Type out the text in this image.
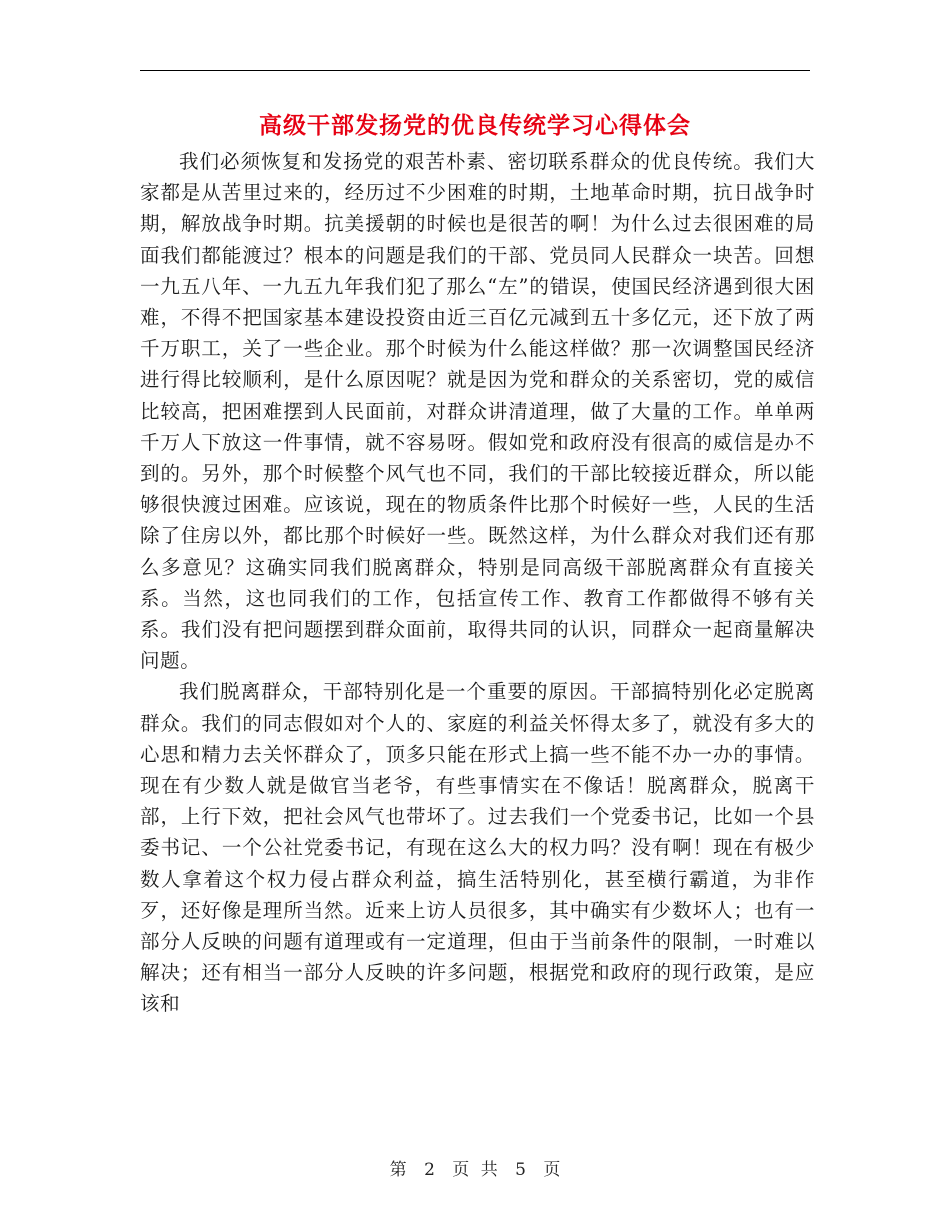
高级干部发扬党的优良传统学习心得体会

我们必须恢复和发扬党的艰苦朴素、密切联系群众的优良传统。我们大家都是从苦里过来的，经历过不少困难的时期，土地革命时期，抗日战争时期，解放战争时期。抗美援朝的时候也是很苦的啊！为什么过去很困难的局面我们都能渡过？根本的问题是我们的干部、党员同人民群众一块苦。回想一九五八年、一九五九年我们犯了那么“左”的错误，使国民经济遇到很大困难，不得不把国家基本建设投资由近三百亿元减到五十多亿元，还下放了两千万职工，关了一些企业。那个时候为什么能这样做？那一次调整国民经济进行得比较顺利，是什么原因呢？就是因为党和群众的关系密切，党的威信比较高，把困难摆到人民面前，对群众讲清道理，做了大量的工作。单单两千万人下放这一件事情，就不容易呀。假如党和政府没有很高的威信是办不到的。另外，那个时候整个风气也不同，我们的干部比较接近群众，所以能够很快渡过困难。应该说，现在的物质条件比那个时候好一些，人民的生活除了住房以外，都比那个时候好一些。既然这样，为什么群众对我们还有那么多意见？这确实同我们脱离群众，特别是同高级干部脱离群众有直接关系。当然，这也同我们的工作，包括宣传工作、教育工作都做得不够有关系。我们没有把问题摆到群众面前，取得共同的认识，同群众一起商量解决问题。

我们脱离群众，干部特别化是一个重要的原因。干部搞特别化必定脱离群众。我们的同志假如对个人的、家庭的利益关怀得太多了，就没有多大的心思和精力去关怀群众了，顶多只能在形式上搞一些不能不办一办的事情。现在有少数人就是做官当老爷，有些事情实在不像话！脱离群众，脱离干部，上行下效，把社会风气也带坏了。过去我们一个党委书记，比如一个县委书记、一个公社党委书记，有现在这么大的权力吗？没有啊！现在有极少数人拿着这个权力侵占群众利益，搞生活特别化，甚至横行霸道，为非作歹，还好像是理所当然。近来上访人员很多，其中确实有少数坏人；也有一部分人反映的问题有道理或有一定道理，但由于当前条件的限制，一时难以解决；还有相当一部分人反映的许多问题，根据党和政府的现行政策，是应该和

第 2 页 共 5 页
